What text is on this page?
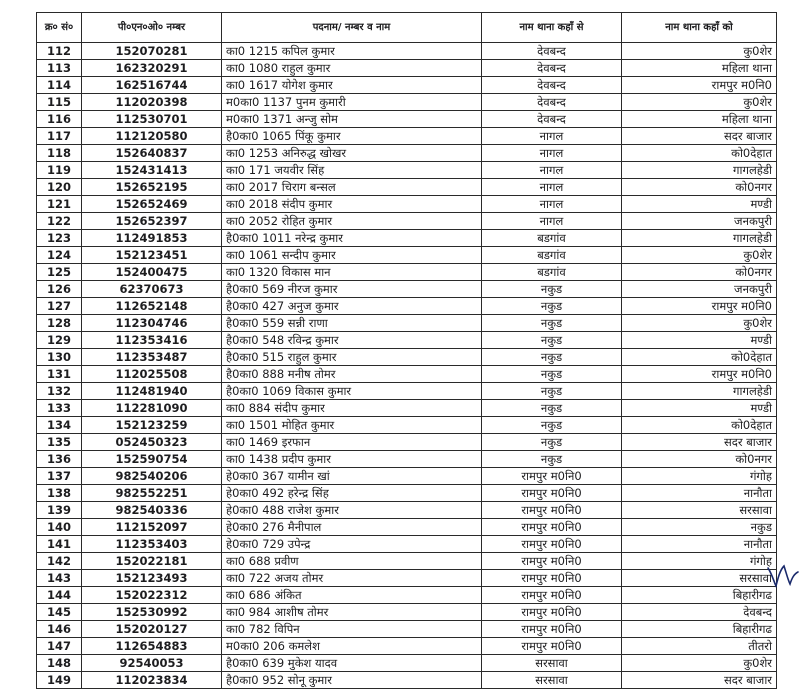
क्र० सं०	पी०एन०ओ० नम्बर	पदनाम/ नम्बर व नाम	नाम थाना कहाँ से	नाम थाना कहाँ को
112	152070281	का0 1215 कपिल कुमार	देवबन्द	कु0शेर
113	162320291	का0 1080 राहुल कुमार	देवबन्द	महिला थाना
114	162516744	का0 1617 योगेश कुमार	देवबन्द	रामपुर म0नि0
115	112020398	म0का0 1137 पुनम कुमारी	देवबन्द	कु0शेर
116	112530701	म0का0 1371 अन्जु सोम	देवबन्द	महिला थाना
117	112120580	है0का0 1065 पिंकू कुमार	नागल	सदर बाजार
118	152640837	का0 1253 अनिरुद्ध खोखर	नागल	को0देहात
119	152431413	का0 171 जयवीर सिंह	नागल	गागलहेडी
120	152652195	का0 2017 चिराग बन्सल	नागल	को0नगर
121	152652469	का0 2018 संदीप कुमार	नागल	मण्डी
122	152652397	का0 2052 रोहित कुमार	नागल	जनकपुरी
123	112491853	है0का0 1011 नरेन्द्र कुमार	बडगांव	गागलहेडी
124	152123451	का0 1061 सन्दीप कुमार	बडगांव	कु0शेर
125	152400475	का0 1320 विकास मान	बडगांव	को0नगर
126	62370673	है0का0 569 नीरज कुमार	नकुड	जनकपुरी
127	112652148	है0का0 427 अनुज कुमार	नकुड	रामपुर म0नि0
128	112304746	है0का0 559 सन्नी राणा	नकुड	कु0शेर
129	112353416	है0का0 548 रविन्द्र कुमार	नकुड	मण्डी
130	112353487	है0का0 515 राहुल कुमार	नकुड	को0देहात
131	112025508	है0का0 888 मनीष तोमर	नकुड	रामपुर म0नि0
132	112481940	है0का0 1069 विकास कुमार	नकुड	गागलहेडी
133	112281090	का0 884 संदीप कुमार	नकुड	मण्डी
134	152123259	का0 1501 मोहित कुमार	नकुड	को0देहात
135	052450323	का0 1469 इरफान	नकुड	सदर बाजार
136	152590754	का0 1438 प्रदीप कुमार	नकुड	को0नगर
137	982540206	हे0का0 367 यामीन खां	रामपुर म0नि0	गंगोह
138	982552251	हे0का0 492 हरेन्द्र सिंह	रामपुर म0नि0	नानौता
139	982540336	हे0का0 488 राजेश कुमार	रामपुर म0नि0	सरसावा
140	112152097	हे0का0 276 मैनीपाल	रामपुर म0नि0	नकुड
141	112353403	हे0का0 729 उपेन्द्र	रामपुर म0नि0	नानौता
142	152022181	का0 688 प्रवीण	रामपुर म0नि0	गंगोह
143	152123493	का0 722 अजय तोमर	रामपुर म0नि0	सरसावा
144	152022312	का0 686 अंकित	रामपुर म0नि0	बिहारीगढ
145	152530992	का0 984 आशीष तोमर	रामपुर म0नि0	देवबन्द
146	152020127	का0 782 विपिन	रामपुर म0नि0	बिहारीगढ
147	112654883	म0का0 206 कमलेश	रामपुर म0नि0	तीतरो
148	92540053	है0का0 639 मुकेश यादव	सरसावा	कु0शेर
149	112023834	है0का0 952 सोनू कुमार	सरसावा	सदर बाजार
